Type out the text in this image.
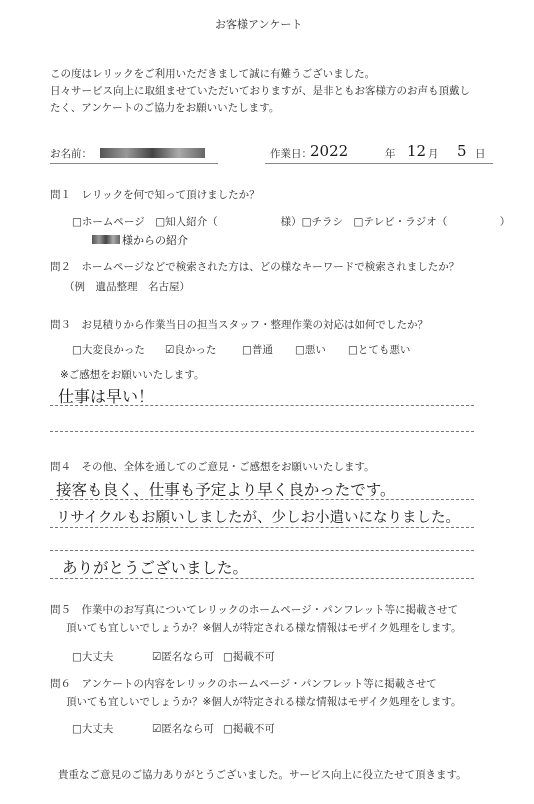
お客様アンケート
この度はレリックをご利用いただきまして誠に有難うございました。
日々サービス向上に取組ませていただいておりますが、是非ともお客様方のお声も頂戴し
たく、アンケートのご協力をお願いいたします。
お名前：	作業日：
2022	年 12 月 5 日
問１　レリックを何で知って頂けましたか？
□ホームページ　□知人紹介（　　　　　　様）□チラシ　□テレビ・ラジオ（　　　　　）
様からの紹介
問２　ホームページなどで検索された方は、どの様なキーワードで検索されましたか？
（例　遺品整理　名古屋）
問３　お見積りから作業当日の担当スタッフ・整理作業の対応は如何でしたか？
□大変良かった ☑良かった □普通 □悪い □とても悪い
※ご感想をお願いいたします。
仕事は早い！
問４　その他、全体を通してのご意見・ご感想をお願いいたします。
接客も良く、仕事も予定より早く良かったです。
リサイクルもお願いしましたが、少しお小遣いになりました。
ありがとうございました。
問５　作業中のお写真についてレリックのホームページ・パンフレット等に掲載させて
頂いても宜しいでしょうか？※個人が特定される様な情報はモザイク処理をします。
□大丈夫	☑匿名なら可 □掲載不可
問６　アンケートの内容をレリックのホームページ・パンフレット等に掲載させて
頂いても宜しいでしょうか？※個人が特定される様な情報はモザイク処理をします。
□大丈夫	☑匿名なら可 □掲載不可
貴重なご意見のご協力ありがとうございました。サービス向上に役立たせて頂きます。
